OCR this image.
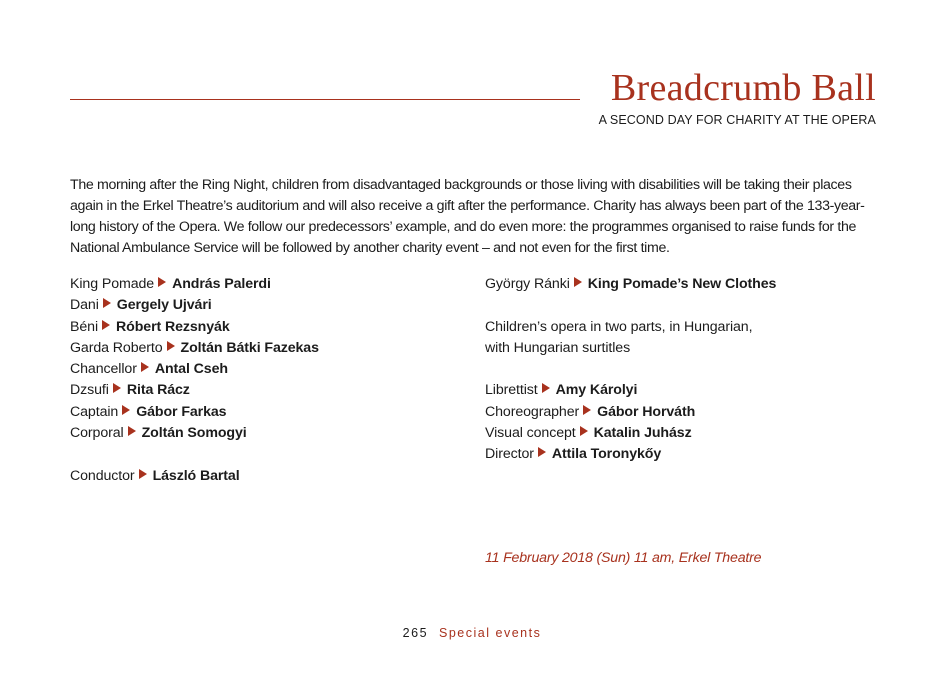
Breadcrumb Ball
A SECOND DAY FOR CHARITY AT THE OPERA

The morning after the Ring Night, children from disadvantaged backgrounds or those living with disabilities will be taking their places again in the Erkel Theatre’s auditorium and will also receive a gift after the performance. Charity has always been part of the 133-year-long history of the Opera. We follow our predecessors’ example, and do even more: the programmes organised to raise funds for the National Ambulance Service will be followed by another charity event – and not even for the first time.

King Pomade András Palerdi
Dani Gergely Ujvári
Béni Róbert Rezsnyák
Garda Roberto Zoltán Bátki Fazekas
Chancellor Antal Cseh
Dzsufi Rita Rácz
Captain Gábor Farkas
Corporal Zoltán Somogyi
Conductor László Bartal
György Ránki King Pomade’s New Clothes
Children’s opera in two parts, in Hungarian,
with Hungarian surtitles
Librettist Amy Károlyi
Choreographer Gábor Horváth
Visual concept Katalin Juhász
Director Attila Toronykőy
11 February 2018 (Sun) 11 am, Erkel Theatre
265 Special events
